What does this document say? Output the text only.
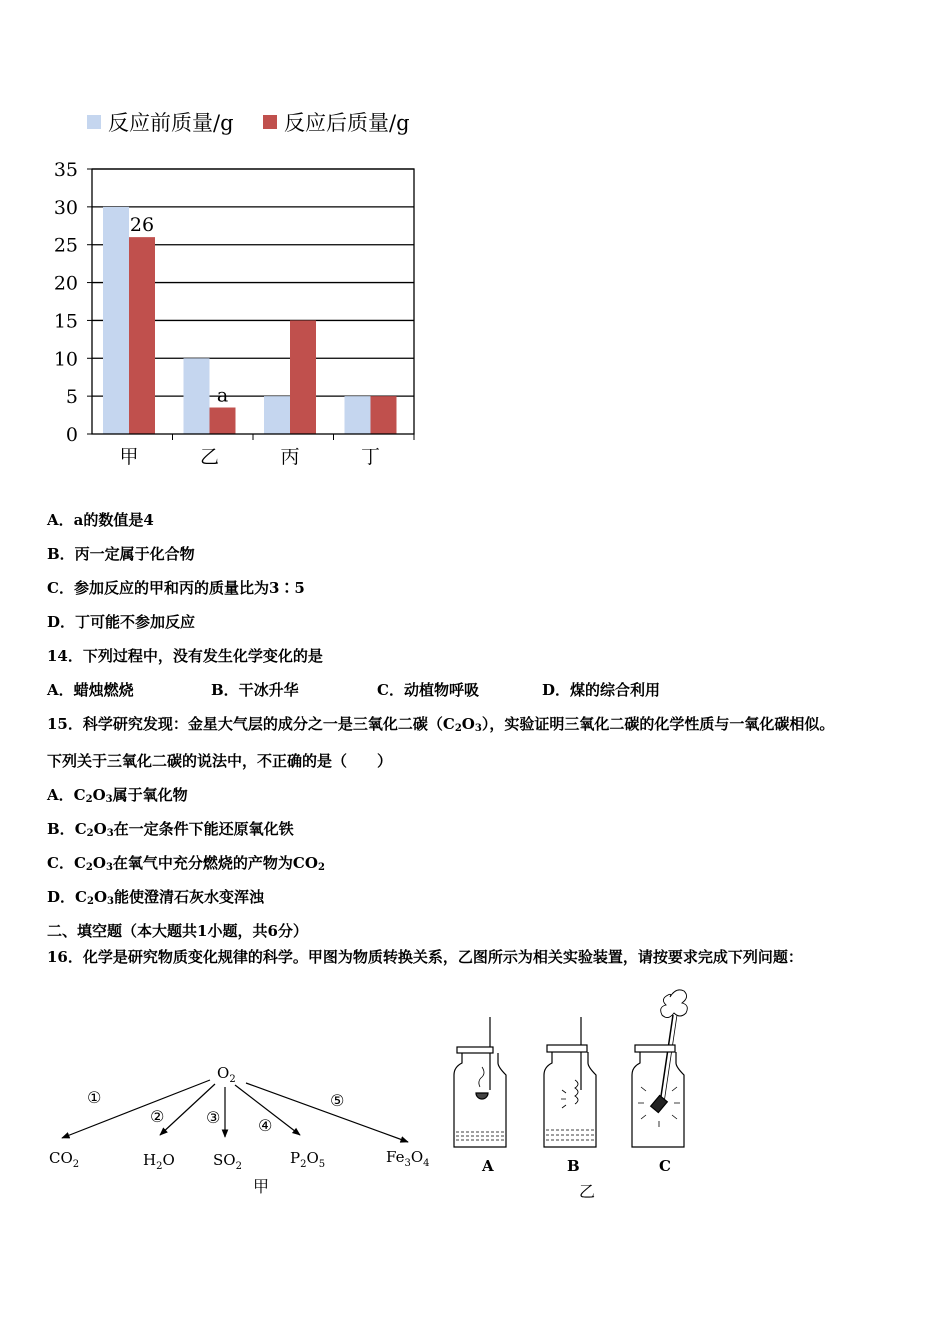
反应前质量/g 反应后质量/g
0
5
10
15
20
25
30
35
甲	乙	丙	丁
26
a
A．a的数值是4
B．丙一定属于化合物
C．参加反应的甲和丙的质量比为3∶5
D．丁可能不参加反应
14．下列过程中，没有发生化学变化的是
A．蜡烛燃烧	B．干冰升华	C．动植物呼吸	D．煤的综合利用
15．科学研究发现：金星大气层的成分之一是三氧化二碳$(C_2O_3)$，实验证明三氧化二碳的化学性质与一氧化碳相似。
下列关于三氧化二碳的说法中，不正确的是（　　）
A．$C_2O_3$属于氧化物
B．$C_2O_3$在一定条件下能还原氧化铁
C．$C_2O_3$在氧气中充分燃烧的产物为$CO_2$
D．$C_2O_3$能使澄清石灰水变浑浊
二、填空题（本大题共1小题，共6分）
16．化学是研究物质变化规律的科学。甲图为物质转换关系，乙图所示为相关实验装置，请按要求完成下列问题：
$O_2$
①
②	③ ④
⑤
$CO_2$	$H_2O$	$SO_2$	$P_2O_5$	$Fe_3O_4$
甲
A	B	C
乙
